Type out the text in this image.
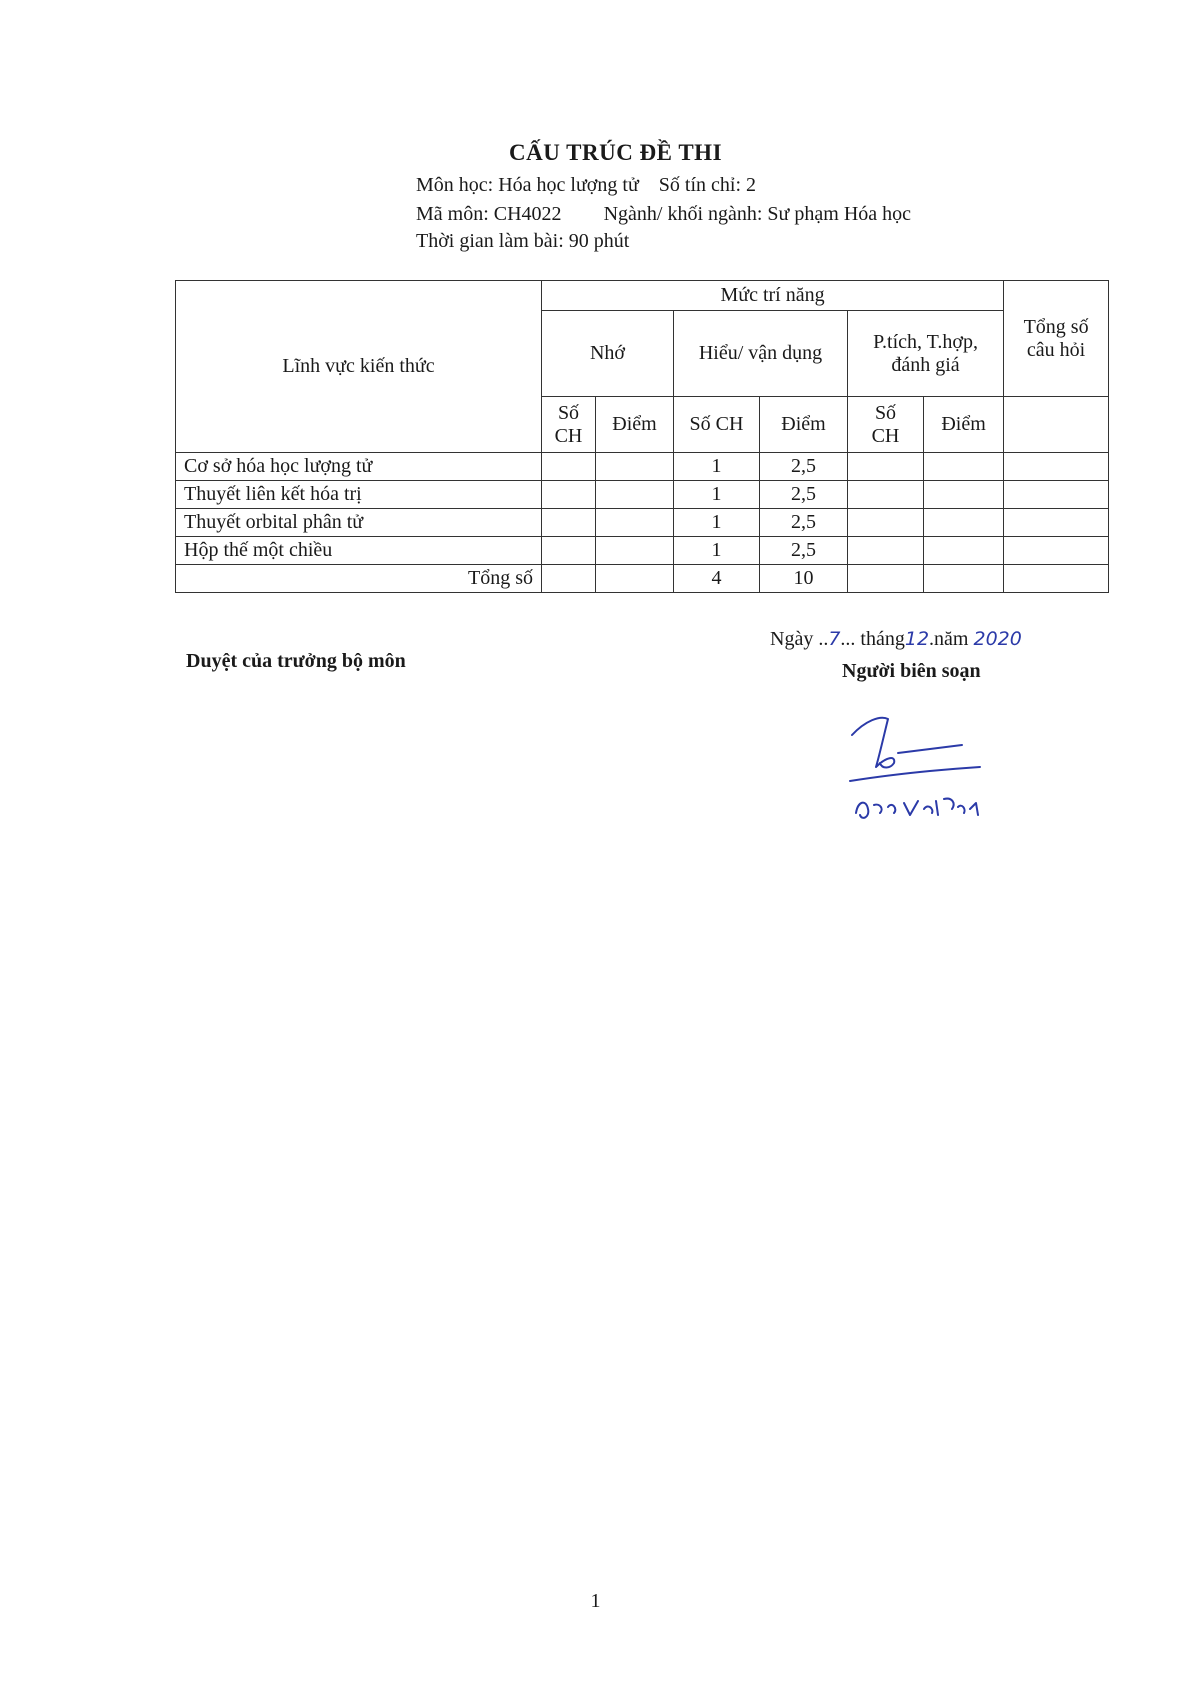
CẤU TRÚC ĐỀ THI
Môn học: Hóa học lượng tử Số tín chỉ: 2
Mã môn: CH4022 Ngành/ khối ngành: Sư phạm Hóa học
Thời gian làm bài: 90 phút
Lĩnh vực kiến thức	Mức trí năng						Tổng số câu hỏi
	Nhớ		Hiểu/ vận dụng		P.tích, T.hợp, đánh giá		
	Số CH	Điểm	Số CH	Điểm	Số CH	Điểm	
Cơ sở hóa học lượng tử			1	2,5			
Thuyết liên kết hóa trị			1	2,5			
Thuyết orbital phân tử			1	2,5			
Hộp thế một chiều			1	2,5			
Tổng số			4	10			
Duyệt của trưởng bộ môn
Ngày ..7... tháng12.năm 2020
Người biên soạn
1
